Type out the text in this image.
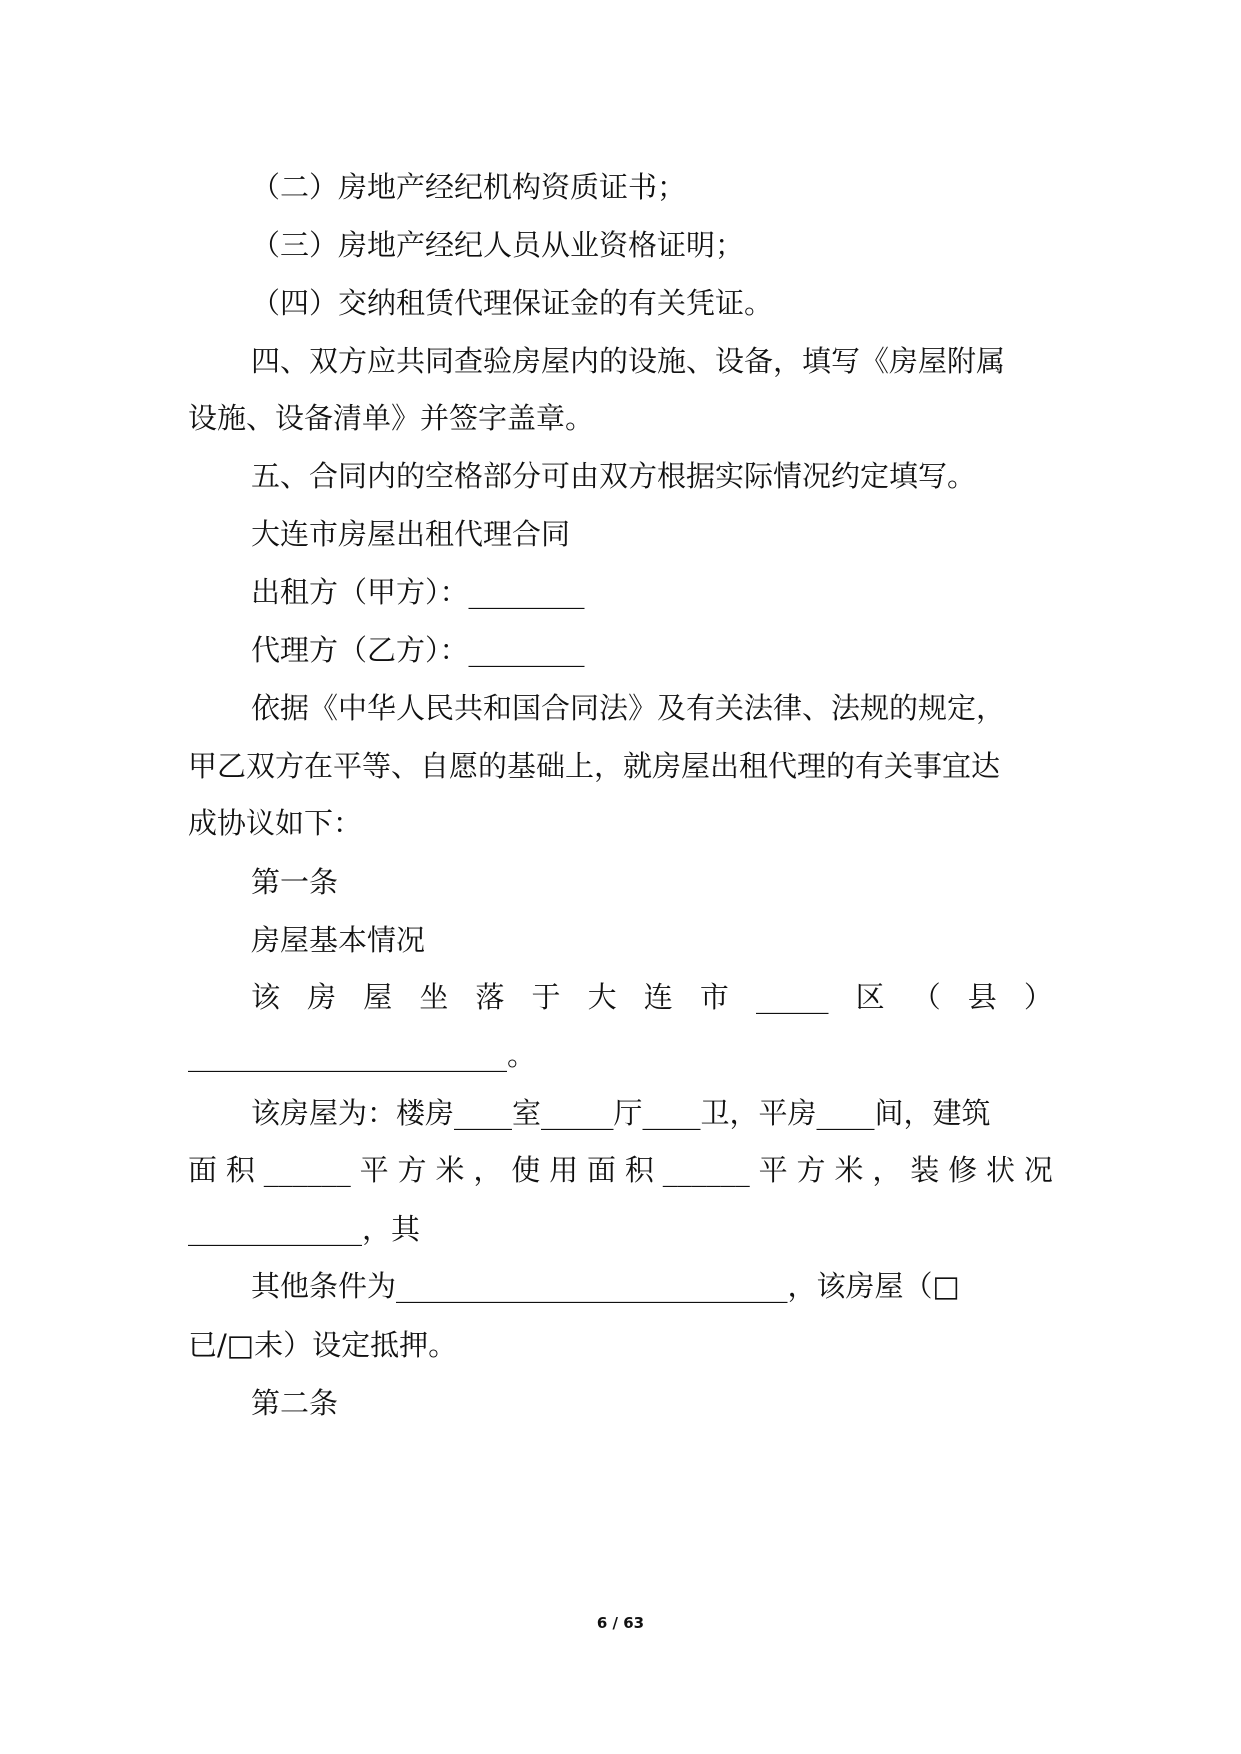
（二）房地产经纪机构资质证书；
（三）房地产经纪人员从业资格证明；
（四）交纳租赁代理保证金的有关凭证。
四、双方应共同查验房屋内的设施、设备，填写《房屋附属
设施、设备清单》并签字盖章。
五、合同内的空格部分可由双方根据实际情况约定填写。
大连市房屋出租代理合同
出租方（甲方）：________
代理方（乙方）：________
依据《中华人民共和国合同法》及有关法律、法规的规定，
甲乙双方在平等、自愿的基础上，就房屋出租代理的有关事宜达
成协议如下：
第一条
房屋基本情况
该 房 屋 坐 落 于 大 连 市 _____ 区 （ 县 ）
______________________。
该房屋为：楼房____室_____厅____卫，平房____间，建筑
面 积 ______ 平 方 米 ， 使 用 面 积 ______ 平 方 米 ， 装 修 状 况
____________，其
其他条件为___________________________，该房屋（□
已/□未）设定抵押。
第二条
6 / 63
